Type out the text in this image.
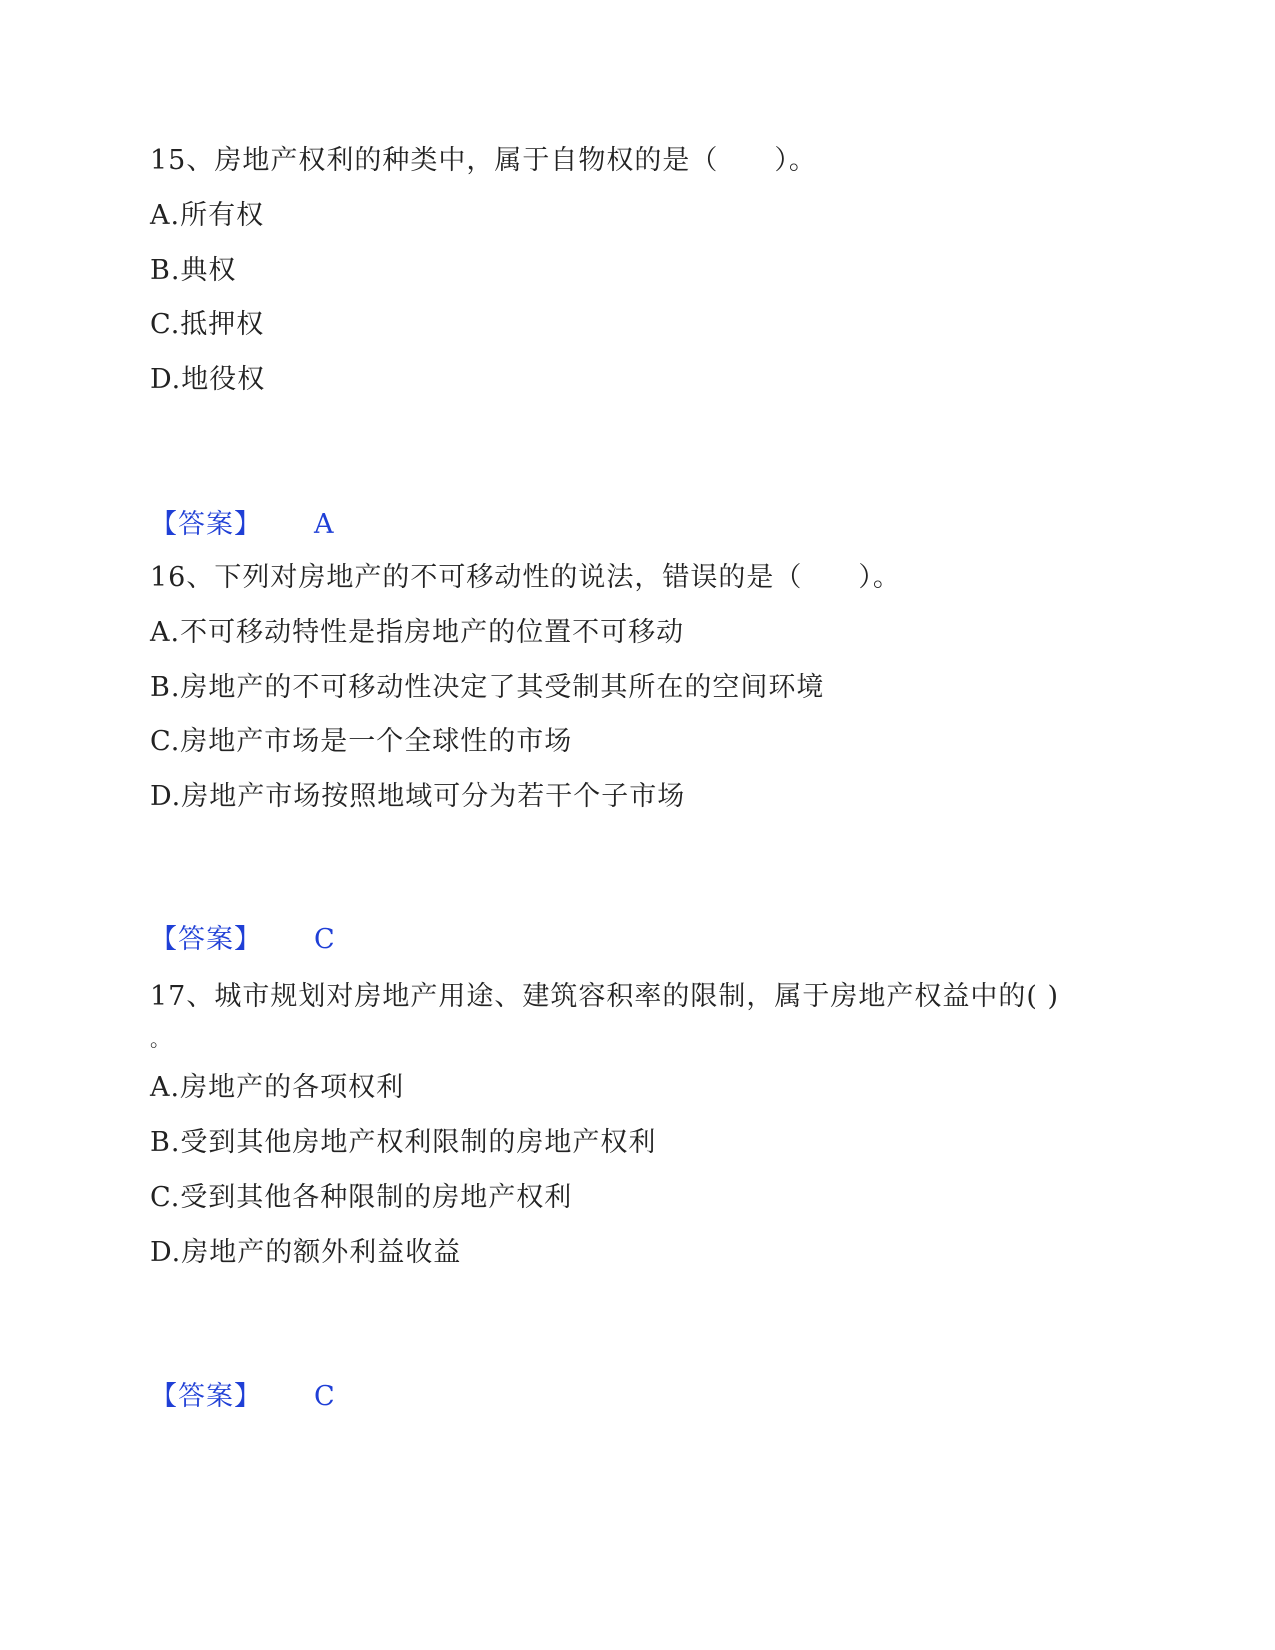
15、房地产权利的种类中，属于自物权的是（　　）。
A.所有权
B.典权
C.抵押权
D.地役权
【答案】 A
16、下列对房地产的不可移动性的说法，错误的是（　　）。
A.不可移动特性是指房地产的位置不可移动
B.房地产的不可移动性决定了其受制其所在的空间环境
C.房地产市场是一个全球性的市场
D.房地产市场按照地域可分为若干个子市场
【答案】 C
17、城市规划对房地产用途、建筑容积率的限制，属于房地产权益中的( )
。
A.房地产的各项权利
B.受到其他房地产权利限制的房地产权利
C.受到其他各种限制的房地产权利
D.房地产的额外利益收益
【答案】 C
